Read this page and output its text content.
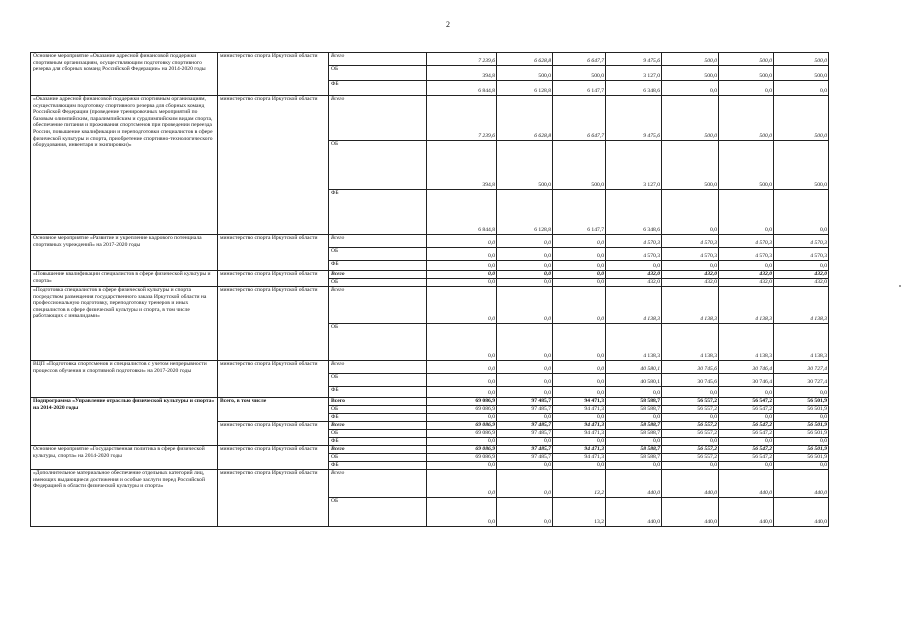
2
Основное мероприятие «Оказание адресной финансовой поддержки спортивным организациям, осуществляющим подготовку спортивного резерва для сборных команд Российской Федерации» на 2014-2020 годы	министерство спорта Иркутской области	Всего	7 239,6	6 628,8	6 647,7	9 475,6	500,0	500,0	500,0
		ОБ	394,8	500,0	500,0	3 127,0	500,0	500,0	500,0
		ФБ	6 844,8	6 128,8	6 147,7	6 348,6	0,0	0,0	0,0
«Оказание адресной финансовой поддержки спортивным организациям, осуществляющим подготовку спортивного резерва для сборных команд Российской Федерации (проведение тренировочных мероприятий по базовым олимпийским, паралимпийским и сурдлимпийским видам спорта, обеспечение питания и проживания спортсменов при проведении переезда России, повышение квалификации и переподготовки специалистов в сфере физической культуры и спорта, приобретение спортивно-технологического оборудования, инвентаря и экипировки)»	министерство спорта Иркутской области	Всего	7 239,6	6 628,8	6 647,7	9 475,6	500,0	500,0	500,0
		ОБ	394,8	500,0	500,0	3 127,0	500,0	500,0	500,0
		ФБ	6 844,8	6 128,8	6 147,7	6 348,6	0,0	0,0	0,0
Основное мероприятие «Развитие и укрепление кадрового потенциала спортивных учреждений» на 2017-2020 годы	министерство спорта Иркутской области	Всего	0,0	0,0	0,0	4 570,3	4 570,3	4 570,3	4 570,3
		ОБ	0,0	0,0	0,0	4 570,3	4 570,3	4 570,3	4 570,3
		ФБ	0,0	0,0	0,0	0,0	0,0	0,0	0,0
«Повышение квалификации специалистов в сфере физической культуры и спорта»	министерство спорта Иркутской области	Всего	0,0	0,0	0,0	432,0	432,0	432,0	432,0
		ОБ	0,0	0,0	0,0	432,0	432,0	432,0	432,0
«Подготовка специалистов в сфере физической культуры и спорта посредством размещения государственного заказа Иркутской области на профессиональную подготовку, переподготовку тренеров и иных специалистов в сфере физической культуры и спорта, в том числе работающих с инвалидами»	министерство спорта Иркутской области	Всего	0,0	0,0	0,0	4 138,3	4 138,3	4 138,3	4 138,3
		ОБ	0,0	0,0	0,0	4 138,3	4 138,3	4 138,3	4 138,3
ВЦП «Подготовка спортсменов и специалистов с учетом непрерывности процессов обучения и спортивной подготовки» на 2017-2020 годы	министерство спорта Иркутской области	Всего	0,0	0,0	0,0	40 580,1	30 745,6	30 746,4	30 727,4
		ОБ	0,0	0,0	0,0	40 580,1	30 745,6	30 746,4	30 727,4
		ФБ	0,0	0,0	0,0	0,0	0,0	0,0	0,0
Подпрограмма «Управление отраслью физической культуры и спорта» на 2014-2020 годы	Всего, в том числе	Всего	69 086,9	97 485,7	94 471,3	58 588,7	56 557,2	56 547,2	56 501,9
		ОБ	69 086,9	97 485,7	94 471,3	58 588,7	56 557,2	56 547,2	56 501,9
		ФБ	0,0	0,0	0,0	0,0	0,0	0,0	0,0
	министерство спорта Иркутской области	Всего	69 086,9	97 485,7	94 471,3	58 588,7	56 557,2	56 547,2	56 501,9
		ОБ	69 086,9	97 485,7	94 471,3	58 588,7	56 557,2	56 547,2	56 501,9
		ФБ	0,0	0,0	0,0	0,0	0,0	0,0	0,0
Основное мероприятие «Государственная политика в сфере физической культуры, спорта» на 2014-2020 годы	министерство спорта Иркутской области	Всего	69 086,9	97 485,7	94 471,3	58 588,7	56 557,2	56 547,2	56 501,9
		ОБ	69 086,9	97 485,7	94 471,3	58 588,7	56 557,2	56 547,2	56 501,9
		ФБ	0,0	0,0	0,0	0,0	0,0	0,0	0,0
«Дополнительное материальное обеспечение отдельных категорий лиц, имеющих выдающиеся достижения и особые заслуги перед Российской Федерацией в области физической культуры и спорта»	министерство спорта Иркутской области	Всего	0,0	0,0	13,2	440,0	440,0	440,0	440,0
		ОБ	0,0	0,0	13,2	440,0	440,0	440,0	440,0
